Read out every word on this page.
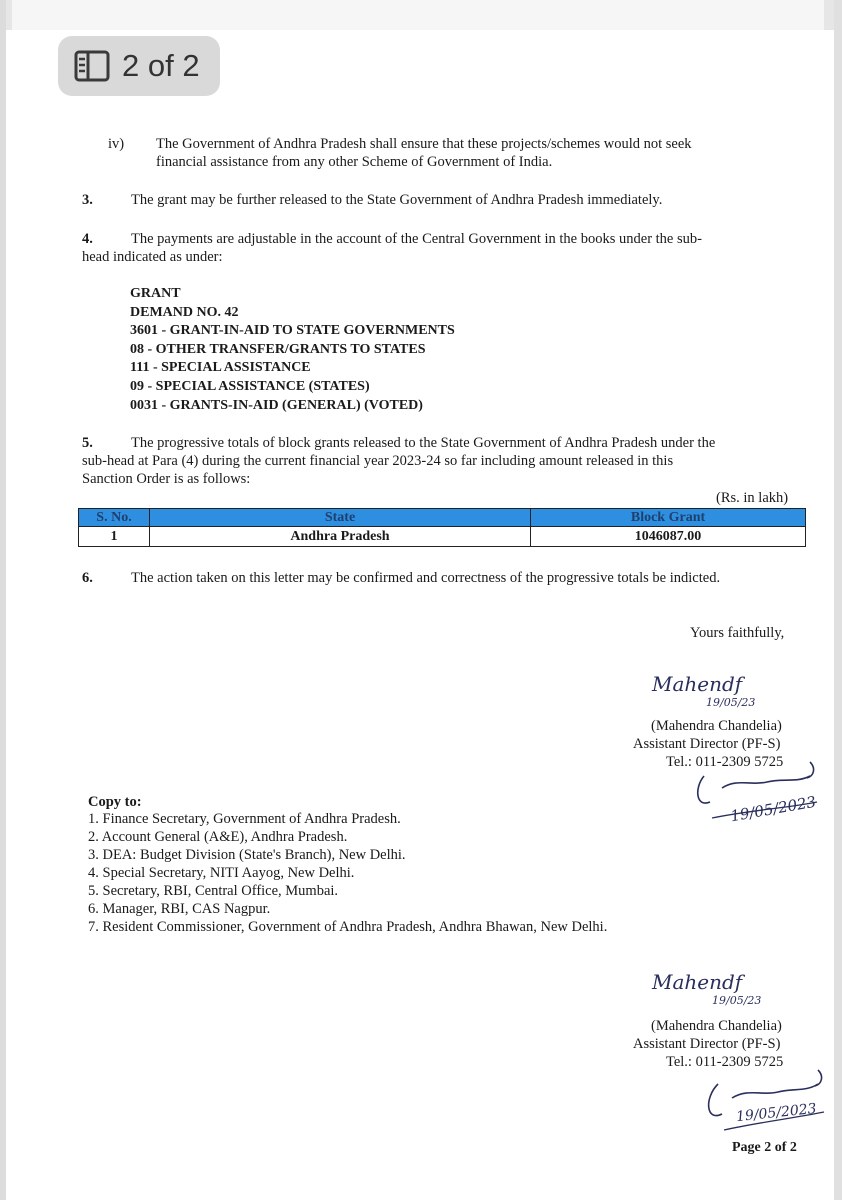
2 of 2
iv) The Government of Andhra Pradesh shall ensure that these projects/schemes would not seek
financial assistance from any other Scheme of Government of India.
3.	The grant may be further released to the State Government of Andhra Pradesh immediately.
4.	The payments are adjustable in the account of the Central Government in the books under the sub-
head indicated as under:
GRANT
DEMAND NO. 42
3601 - GRANT-IN-AID TO STATE GOVERNMENTS
08 - OTHER TRANSFER/GRANTS TO STATES
111 - SPECIAL ASSISTANCE
09 - SPECIAL ASSISTANCE (STATES)
0031 - GRANTS-IN-AID (GENERAL) (VOTED)
5.	The progressive totals of block grants released to the State Government of Andhra Pradesh under the
sub-head at Para (4) during the current financial year 2023-24 so far including amount released in this
Sanction Order is as follows:
(Rs. in lakh)
S. No.	State	Block Grant
1	Andhra Pradesh	1046087.00
6.	The action taken on this letter may be confirmed and correctness of the progressive totals be indicted.
Yours faithfully,
Mahendf
19/05/23
(Mahendra Chandelia)
Assistant Director (PF-S)
Tel.: 011-2309 5725
19/05/2023
Copy to:
1. Finance Secretary, Government of Andhra Pradesh.
2. Account General (A&E), Andhra Pradesh.
3. DEA: Budget Division (State's Branch), New Delhi.
4. Special Secretary, NITI Aayog, New Delhi.
5. Secretary, RBI, Central Office, Mumbai.
6. Manager, RBI, CAS Nagpur.
7. Resident Commissioner, Government of Andhra Pradesh, Andhra Bhawan, New Delhi.
Mahendf
19/05/23
(Mahendra Chandelia)
Assistant Director (PF-S)
Tel.: 011-2309 5725
19/05/2023
Page 2 of 2
